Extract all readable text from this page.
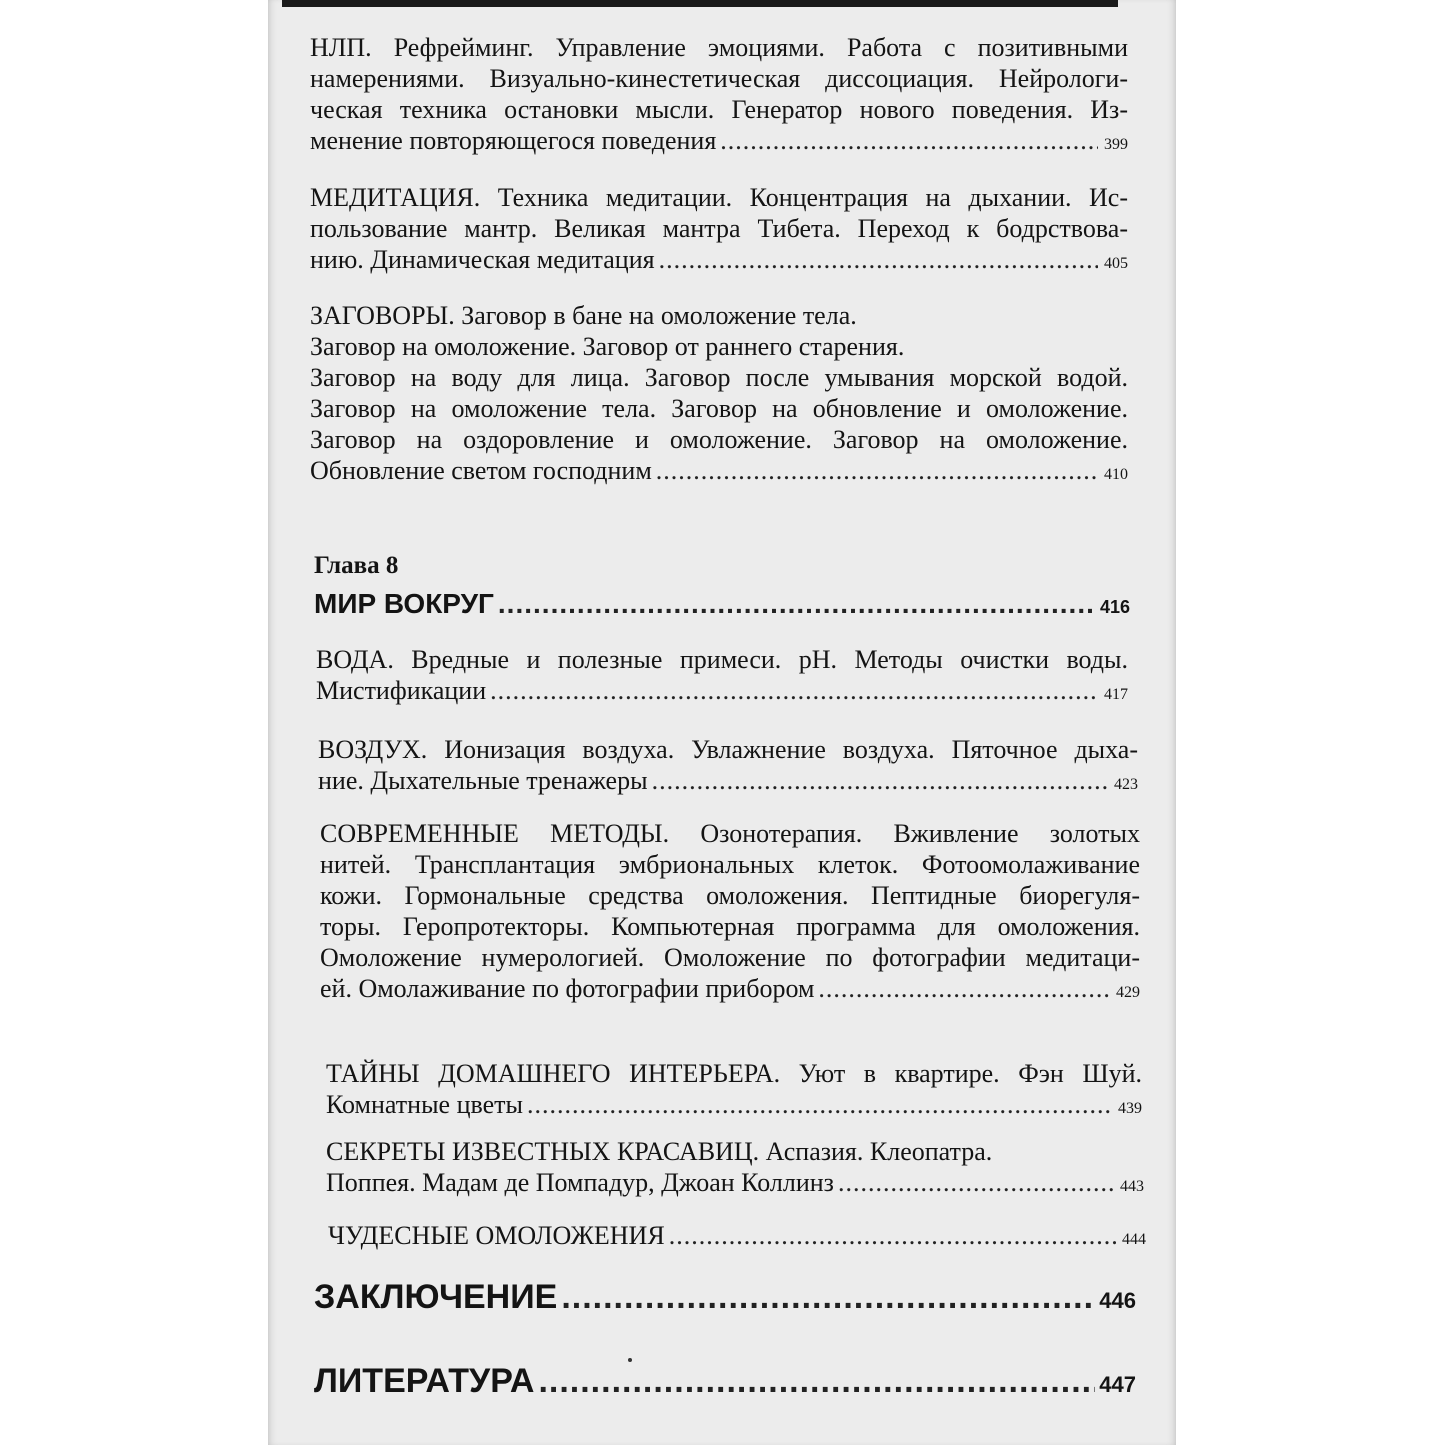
НЛП. Рефрейминг. Управление эмоциями. Работа с позитивными
намерениями. Визуально-кинестетическая диссоциация. Нейрологи-
ческая техника остановки мысли. Генератор нового поведения. Из-
менение повторяющегося поведения .....	399
МЕДИТАЦИЯ. Техника медитации. Концентрация на дыхании. Ис-
пользование мантр. Великая мантра Тибета. Переход к бодрствова-
нию. Динамическая медитация .....	405
ЗАГОВОРЫ. Заговор в бане на омоложение тела.
Заговор на омоложение. Заговор от раннего старения.
Заговор на воду для лица. Заговор после умывания морской водой.
Заговор на омоложение тела. Заговор на обновление и омоложение.
Заговор на оздоровление и омоложение. Заговор на омоложение.
Обновление светом господним .....	410
Глава 8
МИР ВОКРУГ .....	416
ВОДА. Вредные и полезные примеси. pH. Методы очистки воды.
Мистификации .....	417
ВОЗДУХ. Ионизация воздуха. Увлажнение воздуха. Пяточное дыха-
ние. Дыхательные тренажеры .....	423
СОВРЕМЕННЫЕ МЕТОДЫ. Озонотерапия. Вживление золотых
нитей. Трансплантация эмбриональных клеток. Фотоомолаживание
кожи. Гормональные средства омоложения. Пептидные биорегуля-
торы. Геропротекторы. Компьютерная программа для омоложения.
Омоложение нумерологией. Омоложение по фотографии медитаци-
ей. Омолаживание по фотографии прибором .....	429
ТАЙНЫ ДОМАШНЕГО ИНТЕРЬЕРА. Уют в квартире. Фэн Шуй.
Комнатные цветы .....	439
СЕКРЕТЫ ИЗВЕСТНЫХ КРАСАВИЦ. Аспазия. Клеопатра.
Поппея. Мадам де Помпадур, Джоан Коллинз .....	443
ЧУДЕСНЫЕ ОМОЛОЖЕНИЯ .....	444
ЗАКЛЮЧЕНИЕ .....	446
ЛИТЕРАТУРА .....	447
